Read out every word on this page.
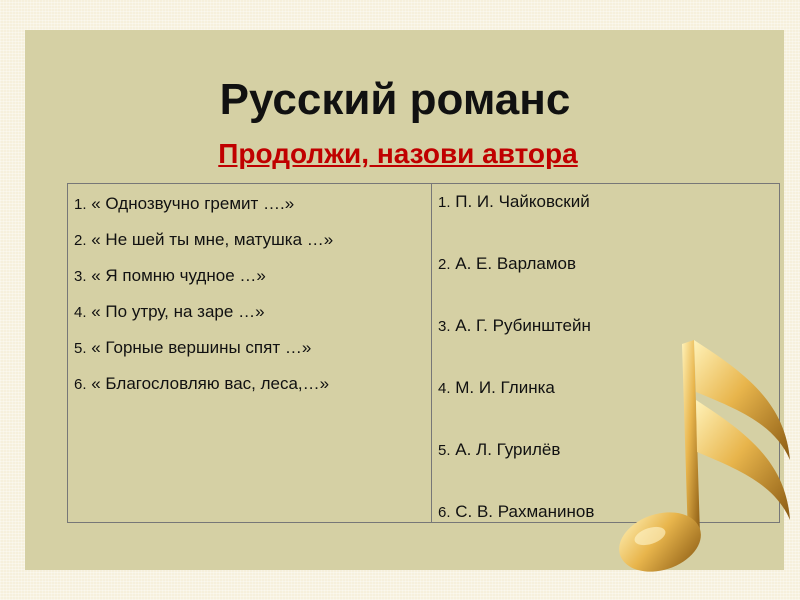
Русский романс
Продолжи, назови автора
1. « Однозвучно гремит ….»
2. « Не шей ты мне, матушка …»
3. « Я помню чудное …»
4. « По утру, на заре …»
5. « Горные вершины спят …»
6. « Благословляю вас, леса,…»
1. П. И. Чайковский
2. А. Е. Варламов
3. А. Г. Рубинштейн
4. М. И. Глинка
5. А. Л. Гурилёв
6. С. В. Рахманинов
